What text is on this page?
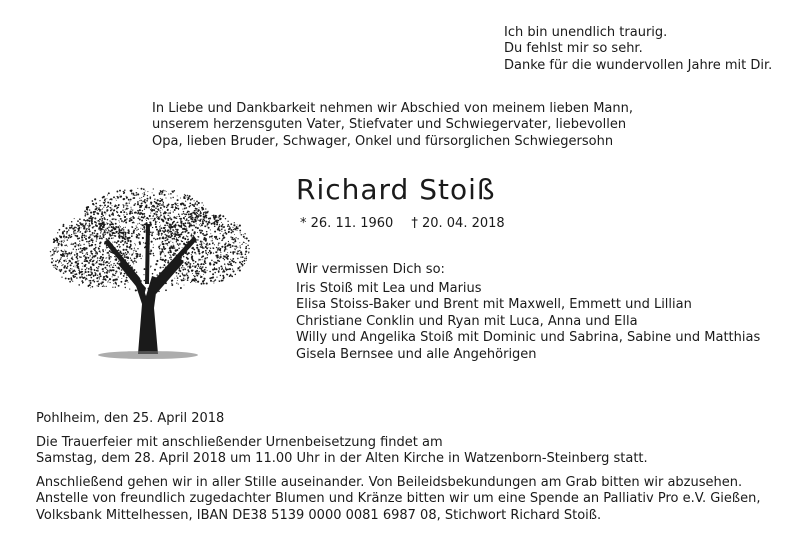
Ich bin unendlich traurig.
Du fehlst mir so sehr.
Danke für die wundervollen Jahre mit Dir.
In Liebe und Dankbarkeit nehmen wir Abschied von meinem lieben Mann,
unserem herzensguten Vater, Stiefvater und Schwiegervater, liebevollen
Opa, lieben Bruder, Schwager, Onkel und fürsorglichen Schwiegersohn
Richard Stoiß
* 26. 11. 1960 † 20. 04. 2018
Wir vermissen Dich so:
Iris Stoiß mit Lea und Marius
Elisa Stoiss-Baker und Brent mit Maxwell, Emmett und Lillian
Christiane Conklin und Ryan mit Luca, Anna und Ella
Willy und Angelika Stoiß mit Dominic und Sabrina, Sabine und Matthias
Gisela Bernsee und alle Angehörigen
Pohlheim, den 25. April 2018
Die Trauerfeier mit anschließender Urnenbeisetzung findet am
Samstag, dem 28. April 2018 um 11.00 Uhr in der Alten Kirche in Watzenborn-Steinberg statt.
Anschließend gehen wir in aller Stille auseinander. Von Beileidsbekundungen am Grab bitten wir abzusehen.
Anstelle von freundlich zugedachter Blumen und Kränze bitten wir um eine Spende an Palliativ Pro e.V. Gießen,
Volksbank Mittelhessen, IBAN DE38 5139 0000 0081 6987 08, Stichwort Richard Stoiß.
